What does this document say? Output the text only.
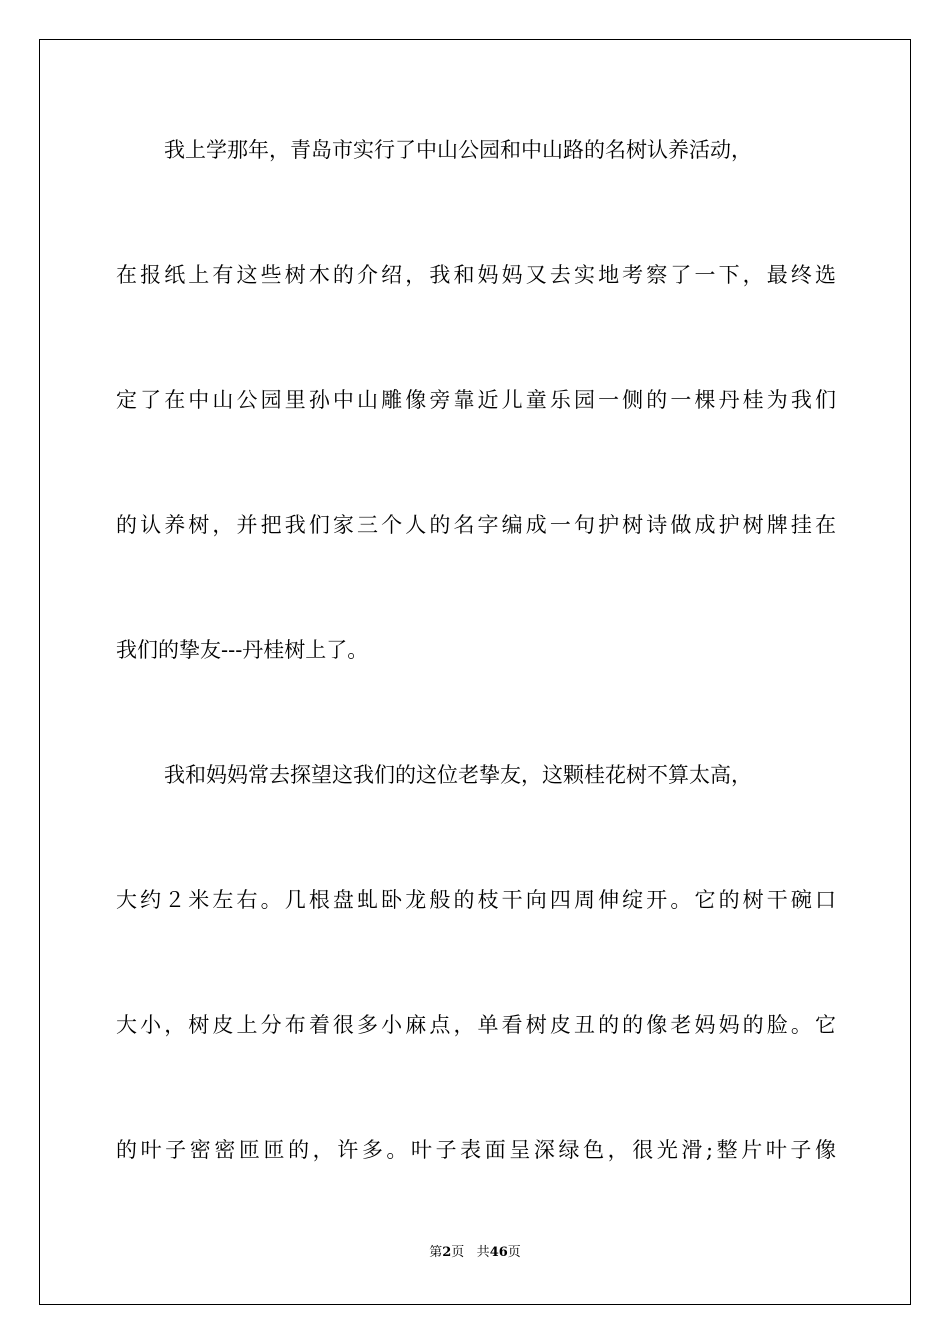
我上学那年，青岛市实行了中山公园和中山路的名树认养活动，
在报纸上有这些树木的介绍，我和妈妈又去实地考察了一下，最终选
定了在中山公园里孙中山雕像旁靠近儿童乐园一侧的一棵丹桂为我们
的认养树，并把我们家三个人的名字编成一句护树诗做成护树牌挂在
我们的挚友---丹桂树上了。
我和妈妈常去探望这我们的这位老挚友，这颗桂花树不算太高，
大约２米左右。几根盘虬卧龙般的枝干向四周伸绽开。它的树干碗口
大小，树皮上分布着很多小麻点，单看树皮丑的的像老妈妈的脸。它
的叶子密密匝匝的，许多。叶子表面呈深绿色，很光滑;整片叶子像
第2页 共46页
